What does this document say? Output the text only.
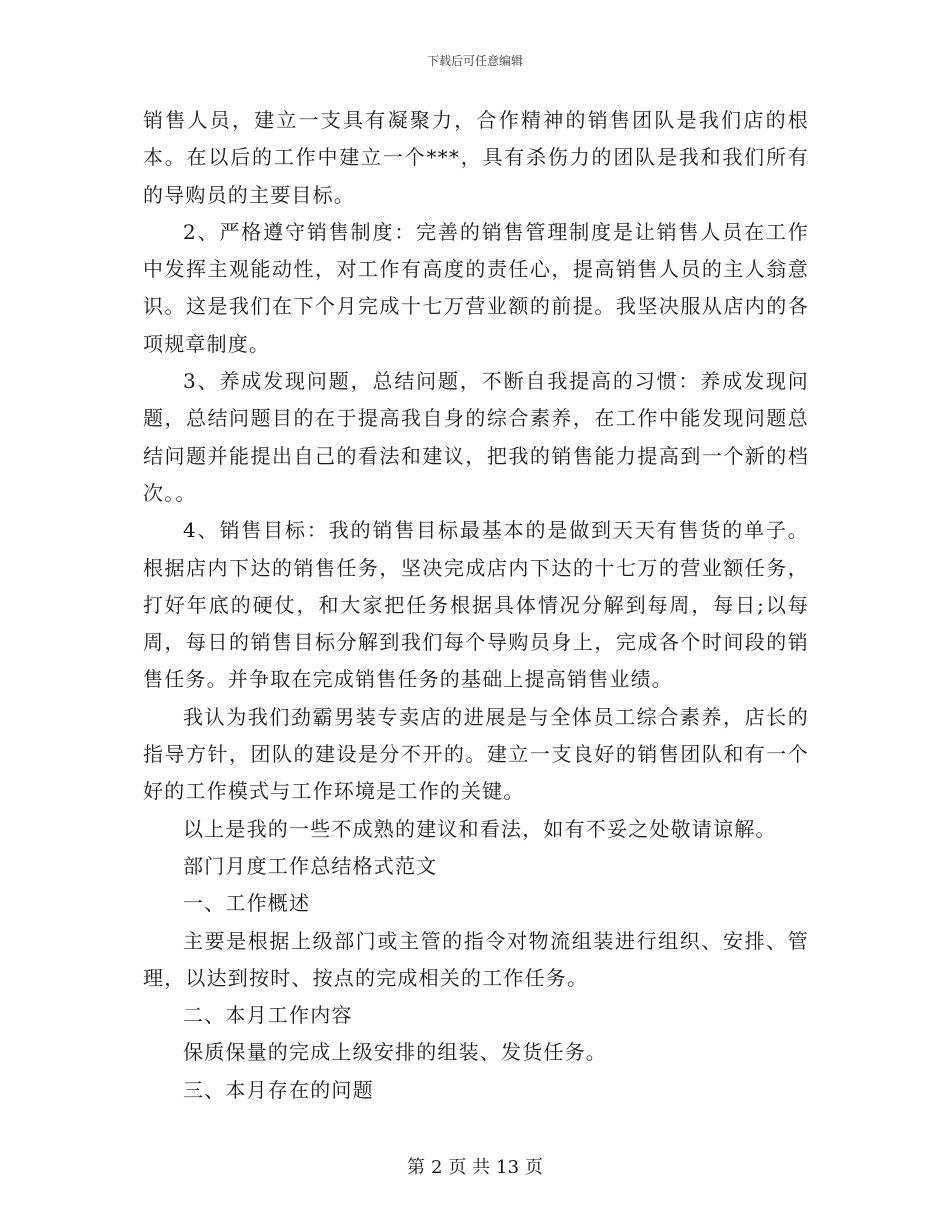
下载后可任意编辑

销售人员，建立一支具有凝聚力，合作精神的销售团队是我们店的根本。在以后的工作中建立一个***，具有杀伤力的团队是我和我们所有的导购员的主要目标。

2、严格遵守销售制度：完善的销售管理制度是让销售人员在工作中发挥主观能动性，对工作有高度的责任心，提高销售人员的主人翁意识。这是我们在下个月完成十七万营业额的前提。我坚决服从店内的各项规章制度。

3、养成发现问题，总结问题，不断自我提高的习惯：养成发现问题，总结问题目的在于提高我自身的综合素养，在工作中能发现问题总结问题并能提出自己的看法和建议，把我的销售能力提高到一个新的档次。。

4、销售目标：我的销售目标最基本的是做到天天有售货的单子。根据店内下达的销售任务，坚决完成店内下达的十七万的营业额任务，打好年底的硬仗，和大家把任务根据具体情况分解到每周，每日;以每周，每日的销售目标分解到我们每个导购员身上，完成各个时间段的销售任务。并争取在完成销售任务的基础上提高销售业绩。

我认为我们劲霸男装专卖店的进展是与全体员工综合素养，店长的指导方针，团队的建设是分不开的。建立一支良好的销售团队和有一个好的工作模式与工作环境是工作的关键。

以上是我的一些不成熟的建议和看法，如有不妥之处敬请谅解。

部门月度工作总结格式范文

一、工作概述

主要是根据上级部门或主管的指令对物流组装进行组织、安排、管理，以达到按时、按点的完成相关的工作任务。

二、本月工作内容

保质保量的完成上级安排的组装、发货任务。

三、本月存在的问题

第 2 页 共 13 页
